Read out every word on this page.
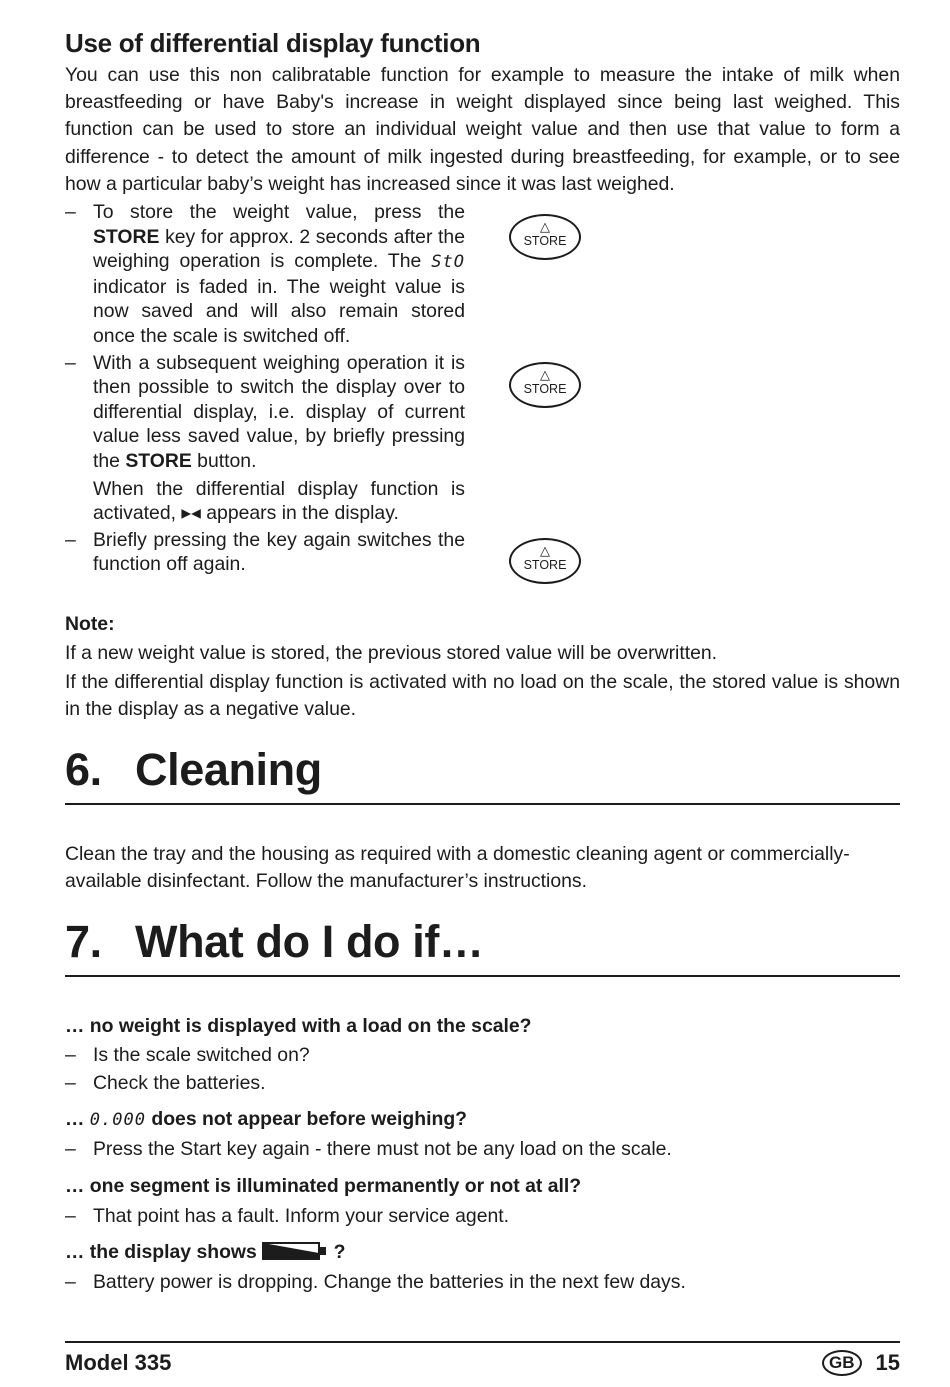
Use of differential display function

You can use this non calibratable function for example to measure the intake of milk when breastfeeding or have Baby's increase in weight displayed since being last weighed. This function can be used to store an individual weight value and then use that value to form a difference - to detect the amount of milk ingested during breastfeeding, for example, or to see how a particular baby’s weight has increased since it was last weighed.

– To store the weight value, press the STORE key for approx. 2 seconds after the weighing operation is complete. The StO indicator is faded in. The weight value is now saved and will also remain stored once the scale is switched off.

– With a subsequent weighing operation it is then possible to switch the display over to differential display, i.e. display of current value less saved value, by briefly pressing the STORE button.

When the differential display function is activated, ▸◂ appears in the display.

– Briefly pressing the key again switches the function off again.

△
STORE
△
STORE
△
STORE

Note:

If a new weight value is stored, the previous stored value will be overwritten.

If the differential display function is activated with no load on the scale, the stored value is shown in the display as a negative value.

6. Cleaning

Clean the tray and the housing as required with a domestic cleaning agent or commercially-available disinfectant. Follow the manufacturer’s instructions.

7. What do I do if…

… no weight is displayed with a load on the scale?

– Is the scale switched on?

– Check the batteries.

… 0.000 does not appear before weighing?

– Press the Start key again - there must not be any load on the scale.

… one segment is illuminated permanently or not at all?

– That point has a fault. Inform your service agent.

… the display shows	?

– Battery power is dropping. Change the batteries in the next few days.

Model 335	GB 15
